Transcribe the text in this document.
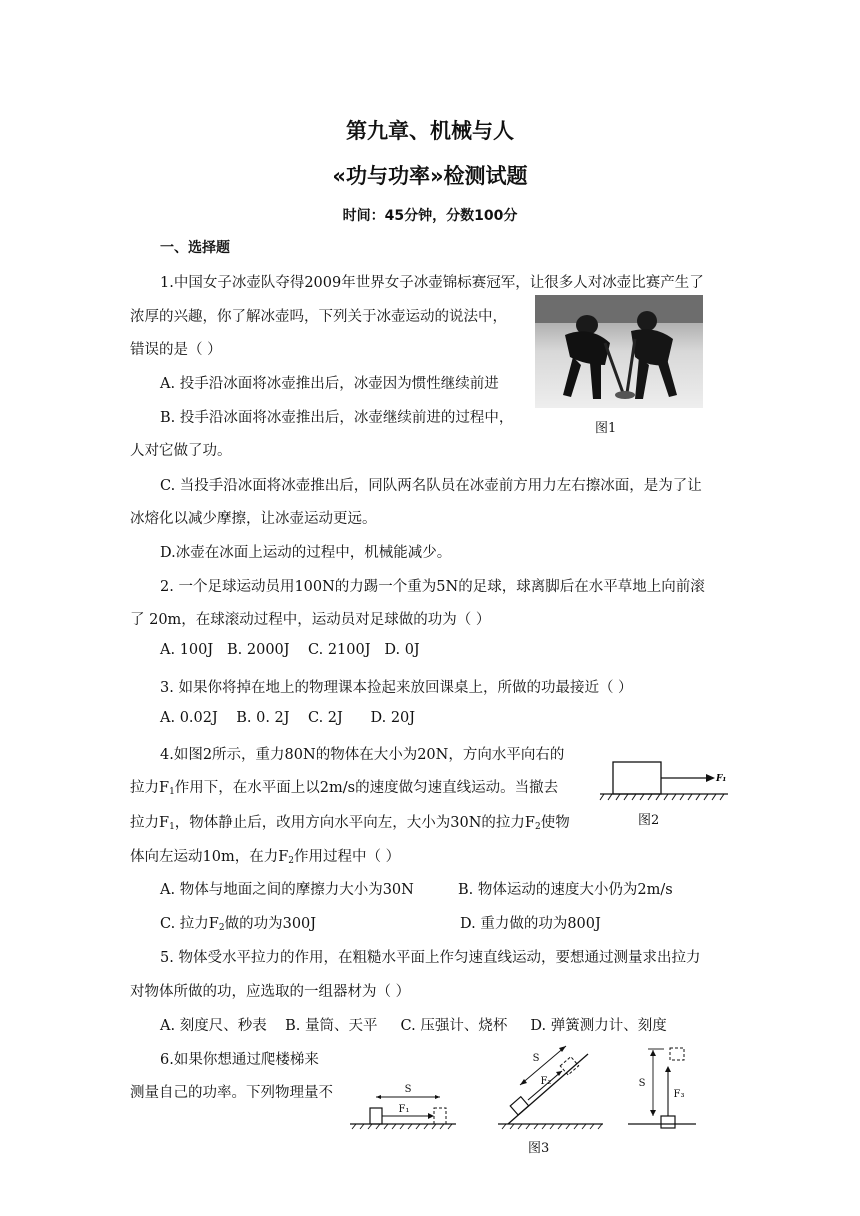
第九章、机械与人
«功与功率»检测试题
时间：45分钟，分数100分
一、选择题
1.中国女子冰壶队夺得2009年世界女子冰壶锦标赛冠军，让很多人对冰壶比赛产生了
浓厚的兴趣，你了解冰壶吗，下列关于冰壶运动的说法中，
错误的是（ ）
A. 投手沿冰面将冰壶推出后，冰壶因为惯性继续前进
B. 投手沿冰面将冰壶推出后，冰壶继续前进的过程中，
人对它做了功。
C. 当投手沿冰面将冰壶推出后，同队两名队员在冰壶前方用力左右擦冰面，是为了让
冰熔化以减少摩擦，让冰壶运动更远。
D.冰壶在冰面上运动的过程中，机械能减少。
图1
2. 一个足球运动员用100N的力踢一个重为5N的足球，球离脚后在水平草地上向前滚
了 20m，在球滚动过程中，运动员对足球做的功为（ ）
A. 100J   B. 2000J    C. 2100J   D. 0J
3. 如果你将掉在地上的物理课本捡起来放回课桌上，所做的功最接近（ ）
A. 0.02J    B. 0. 2J    C. 2J      D. 20J
4.如图2所示，重力80N的物体在大小为20N，方向水平向右的
拉力$F_1$作用下，在水平面上以2m/s的速度做匀速直线运动。当撤去
拉力$F_1$，物体静止后，改用方向水平向左，大小为30N的拉力$F_2$使物
体向左运动10m，在力$F_2$作用过程中（ ）
A. 物体与地面之间的摩擦力大小为30N	B. 物体运动的速度大小仍为2m/s
C. 拉力$F_2$做的功为300J	D. 重力做的功为800J
F₁
图2
5. 物体受水平拉力的作用，在粗糙水平面上作匀速直线运动，要想通过测量求出拉力
对物体所做的功，应选取的一组器材为（ ）
A. 刻度尺、秒表    B. 量筒、天平     C. 压强计、烧杯     D. 弹簧测力计、刻度
6.如果你想通过爬楼梯来
测量自己的功率。下列物理量不	S
F₁
S
F₂	S
F₃
图3
